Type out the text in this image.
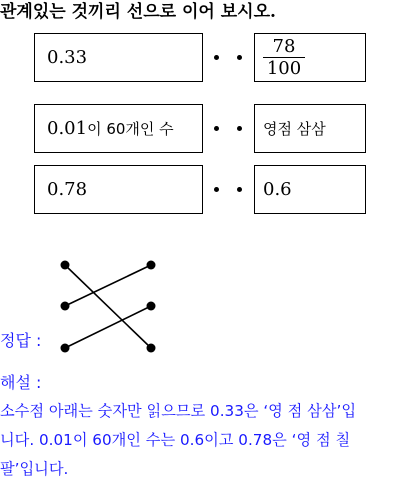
관계있는 것끼리 선으로 이어 보시오.
0.33	$\frac{78}{100}$
0.01 이 60개인 수	영점 삼삼
0.78	0.6
정답 :
해설 :
소수점 아래는 숫자만 읽으므로 0.33은 ‘영 점 삼삼’입
니다. 0.01이 60개인 수는 0.6이고 0.78은 ‘영 점 칠
팔’입니다.
